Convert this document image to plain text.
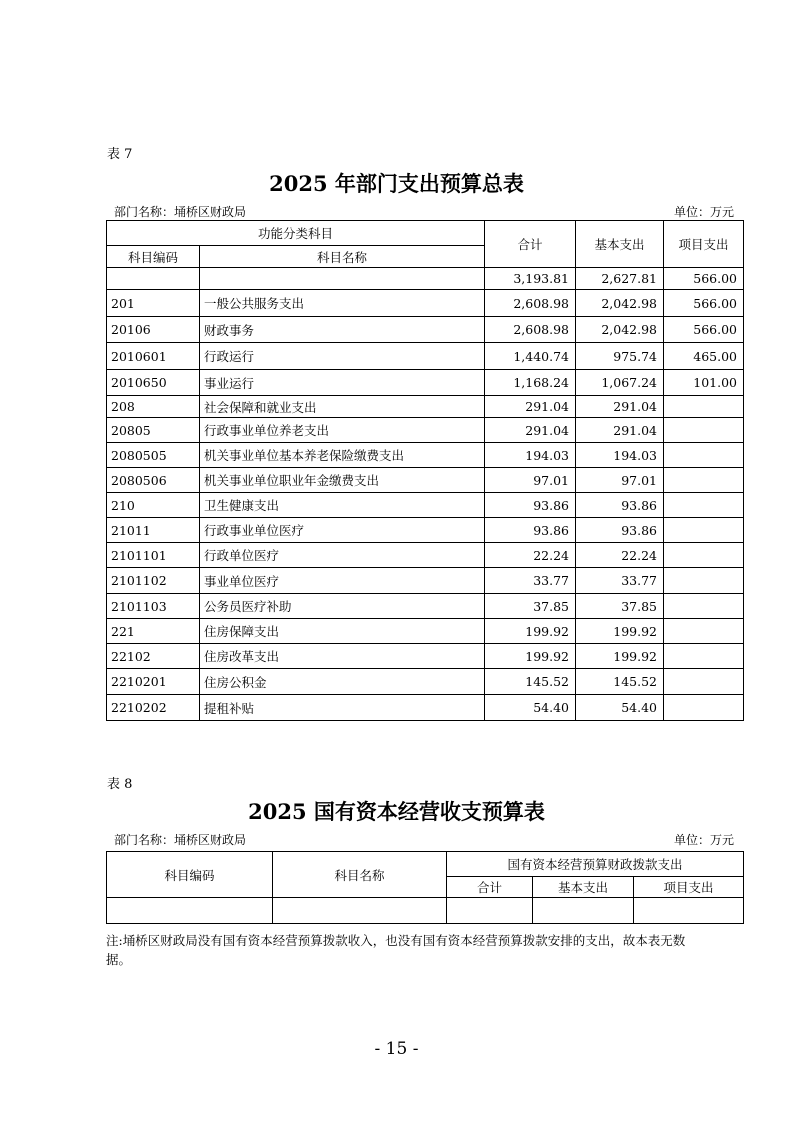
表 7
2025 年部门支出预算总表
部门名称：埇桥区财政局	单位：万元
功能分类科目		合计	基本支出	项目支出
科目编码	科目名称			
		3,193.81	2,627.81	566.00
201	一般公共服务支出	2,608.98	2,042.98	566.00
20106	财政事务	2,608.98	2,042.98	566.00
2010601	行政运行	1,440.74	975.74	465.00
2010650	事业运行	1,168.24	1,067.24	101.00
208	社会保障和就业支出	291.04	291.04	
20805	行政事业单位养老支出	291.04	291.04	
2080505	机关事业单位基本养老保险缴费支出	194.03	194.03	
2080506	机关事业单位职业年金缴费支出	97.01	97.01	
210	卫生健康支出	93.86	93.86	
21011	行政事业单位医疗	93.86	93.86	
2101101	行政单位医疗	22.24	22.24	
2101102	事业单位医疗	33.77	33.77	
2101103	公务员医疗补助	37.85	37.85	
221	住房保障支出	199.92	199.92	
22102	住房改革支出	199.92	199.92	
2210201	住房公积金	145.52	145.52	
2210202	提租补贴	54.40	54.40	
表 8
2025 国有资本经营收支预算表
部门名称：埇桥区财政局	单位：万元
科目编码	科目名称	国有资本经营预算财政拨款支出		
		合计	基本支出	项目支出

注:埇桥区财政局没有国有资本经营预算拨款收入，也没有国有资本经营预算拨款安排的支出，故本表无数据。
- 15 -
